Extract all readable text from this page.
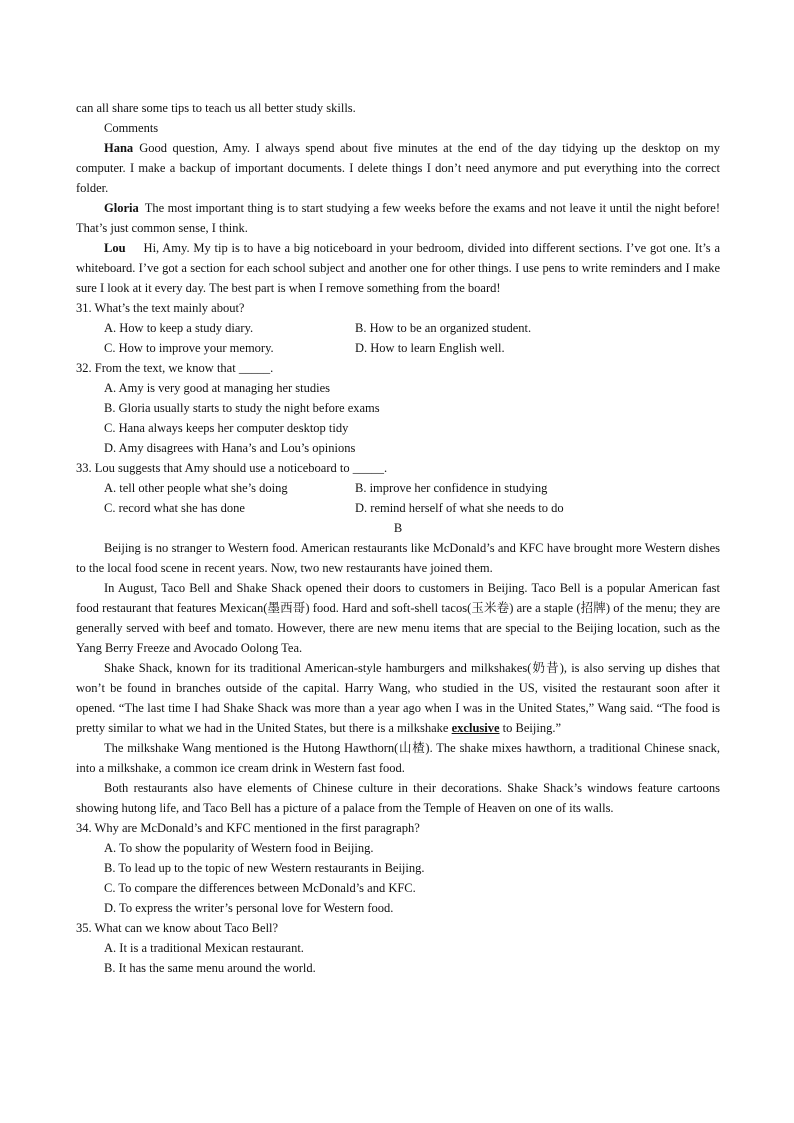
can all share some tips to teach us all better study skills.

Comments

Hana Good question, Amy. I always spend about five minutes at the end of the day tidying up the desktop on my computer. I make a backup of important documents. I delete things I don’t need anymore and put everything into the correct folder.

Gloria The most important thing is to start studying a few weeks before the exams and not leave it until the night before! That’s just common sense, I think.

Lou Hi, Amy. My tip is to have a big noticeboard in your bedroom, divided into different sections. I’ve got one. It’s a whiteboard. I’ve got a section for each school subject and another one for other things. I use pens to write reminders and I make sure I look at it every day. The best part is when I remove something from the board!

31. What’s the text mainly about?

A. How to keep a study diary.	B. How to be an organized student.
C. How to improve your memory.	D. How to learn English well.

32. From the text, we know that _____.

A. Amy is very good at managing her studies

B. Gloria usually starts to study the night before exams

C. Hana always keeps her computer desktop tidy

D. Amy disagrees with Hana’s and Lou’s opinions

33. Lou suggests that Amy should use a noticeboard to _____.

A. tell other people what she’s doing	B. improve her confidence in studying
C. record what she has done	D. remind herself of what she needs to do

B

Beijing is no stranger to Western food. American restaurants like McDonald’s and KFC have brought more Western dishes to the local food scene in recent years. Now, two new restaurants have joined them.

In August, Taco Bell and Shake Shack opened their doors to customers in Beijing. Taco Bell is a popular American fast food restaurant that features Mexican(墨西哥) food. Hard and soft-shell tacos(玉米卷) are a staple (招牌) of the menu; they are generally served with beef and tomato. However, there are new menu items that are special to the Beijing location, such as the Yang Berry Freeze and Avocado Oolong Tea.

Shake Shack, known for its traditional American-style hamburgers and milkshakes(奶昔), is also serving up dishes that won’t be found in branches outside of the capital. Harry Wang, who studied in the US, visited the restaurant soon after it opened. “The last time I had Shake Shack was more than a year ago when I was in the United States,” Wang said. “The food is pretty similar to what we had in the United States, but there is a milkshake exclusive to Beijing.”

The milkshake Wang mentioned is the Hutong Hawthorn(山楂). The shake mixes hawthorn, a traditional Chinese snack, into a milkshake, a common ice cream drink in Western fast food.

Both restaurants also have elements of Chinese culture in their decorations. Shake Shack’s windows feature cartoons showing hutong life, and Taco Bell has a picture of a palace from the Temple of Heaven on one of its walls.

34. Why are McDonald’s and KFC mentioned in the first paragraph?

A. To show the popularity of Western food in Beijing.

B. To lead up to the topic of new Western restaurants in Beijing.

C. To compare the differences between McDonald’s and KFC.

D. To express the writer’s personal love for Western food.

35. What can we know about Taco Bell?

A. It is a traditional Mexican restaurant.

B. It has the same menu around the world.
